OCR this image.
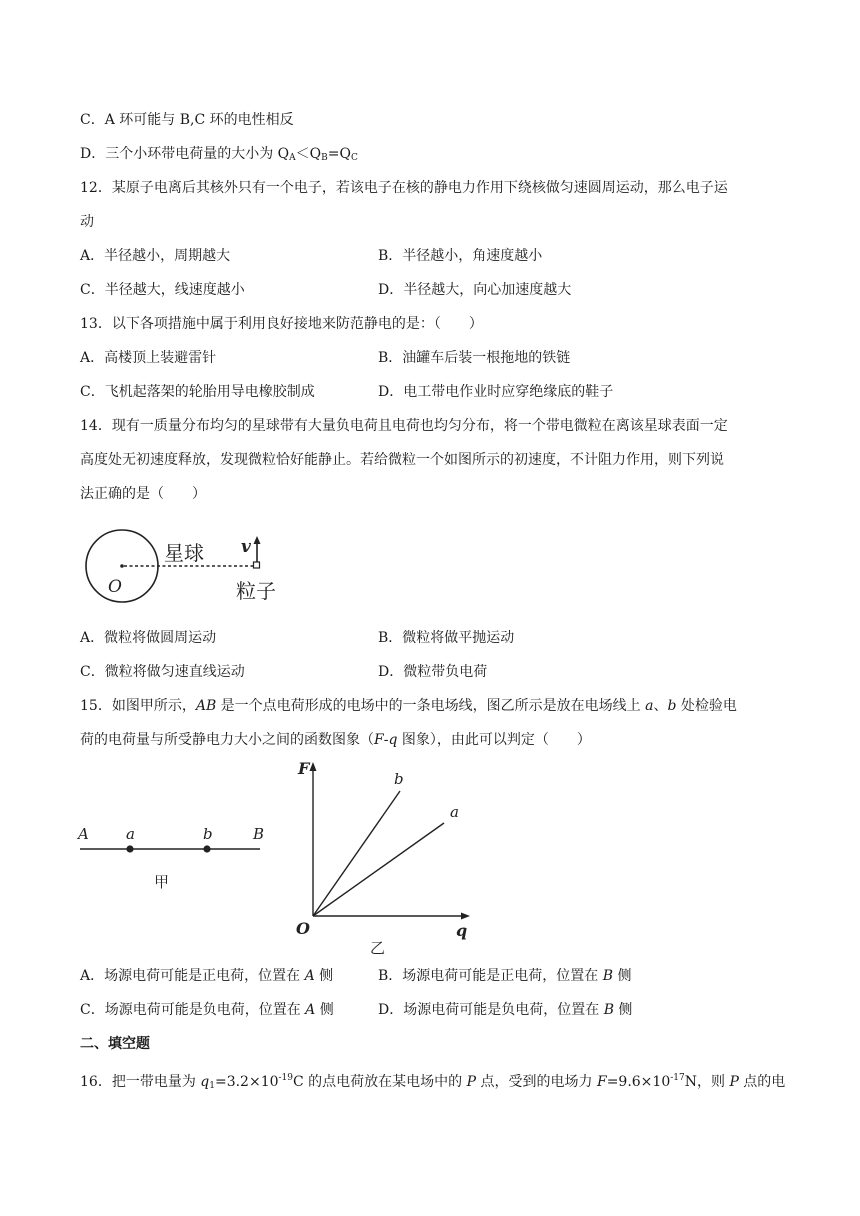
C．A 环可能与 B,C 环的电性相反
D．三个小环带电荷量的大小为 $Q_A<Q_B=Q_C$
12．某原子电离后其核外只有一个电子，若该电子在核的静电力作用下绕核做匀速圆周运动，那么电子运
动
A．半径越小，周期越大	B．半径越小，角速度越小
C．半径越大，线速度越小	D．半径越大，向心加速度越大
13．以下各项措施中属于利用良好接地来防范静电的是：（　　）
A．高楼顶上装避雷针	B．油罐车后装一根拖地的铁链
C．飞机起落架的轮胎用导电橡胶制成	D．电工带电作业时应穿绝缘底的鞋子
14．现有一质量分布均匀的星球带有大量负电荷且电荷也均匀分布，将一个带电微粒在离该星球表面一定
高度处无初速度释放，发现微粒恰好能静止。若给微粒一个如图所示的初速度，不计阻力作用，则下列说
法正确的是（　　）
星球
O
v
粒子
A．微粒将做圆周运动	B．微粒将做平抛运动
C．微粒将做匀速直线运动	D．微粒带负电荷
15．如图甲所示，AB 是一个点电荷形成的电场中的一条电场线，图乙所示是放在电场线上 a、b 处检验电
荷的电荷量与所受静电力大小之间的函数图象（F-q 图象），由此可以判定（　　）
A a	b	B
甲
F
q
O
b
a
乙
A．场源电荷可能是正电荷，位置在 A 侧	B．场源电荷可能是正电荷，位置在 B 侧
C．场源电荷可能是负电荷，位置在 A 侧	D．场源电荷可能是负电荷，位置在 B 侧
二、填空题
16．把一带电量为 $q_1=3.2\times 10^{-19}C$ 的点电荷放在某电场中的 P 点，受到的电场力 $F=9.6\times 10^{-17}N$，则 P 点的电
